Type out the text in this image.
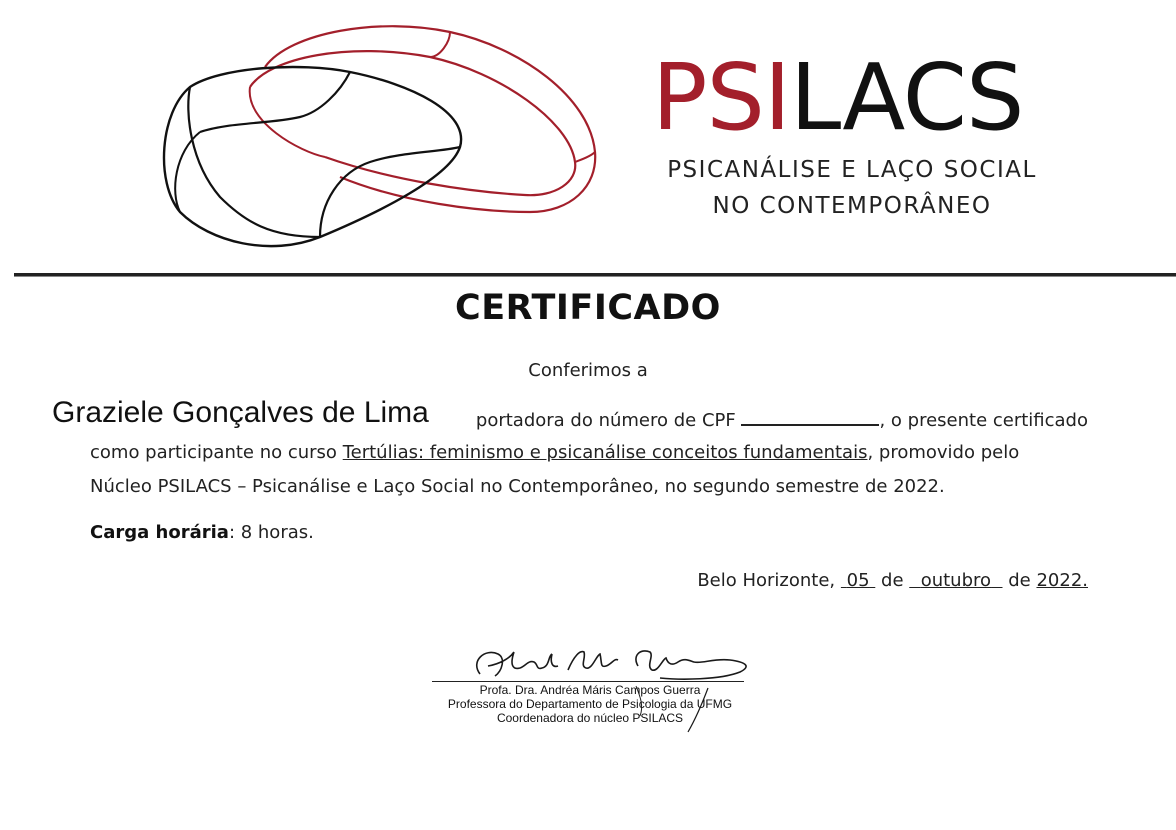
PSILACS
PSICANÁLISE E LAÇO SOCIAL
NO CONTEMPORÂNEO
CERTIFICADO
Conferimos a
Graziele Gonçalves de Lima	portadora do número de CPF	, o presente certificado
como participante no curso Tertúlias: feminismo e psicanálise conceitos fundamentais, promovido pelo
Núcleo PSILACS – Psicanálise e Laço Social no Contemporâneo, no segundo semestre de 2022.
Carga horária: 8 horas.
Belo Horizonte, 05 de outubro de 2022.
Profa. Dra. Andréa Máris Campos Guerra
Professora do Departamento de Psicologia da UFMG
Coordenadora do núcleo PSILACS
